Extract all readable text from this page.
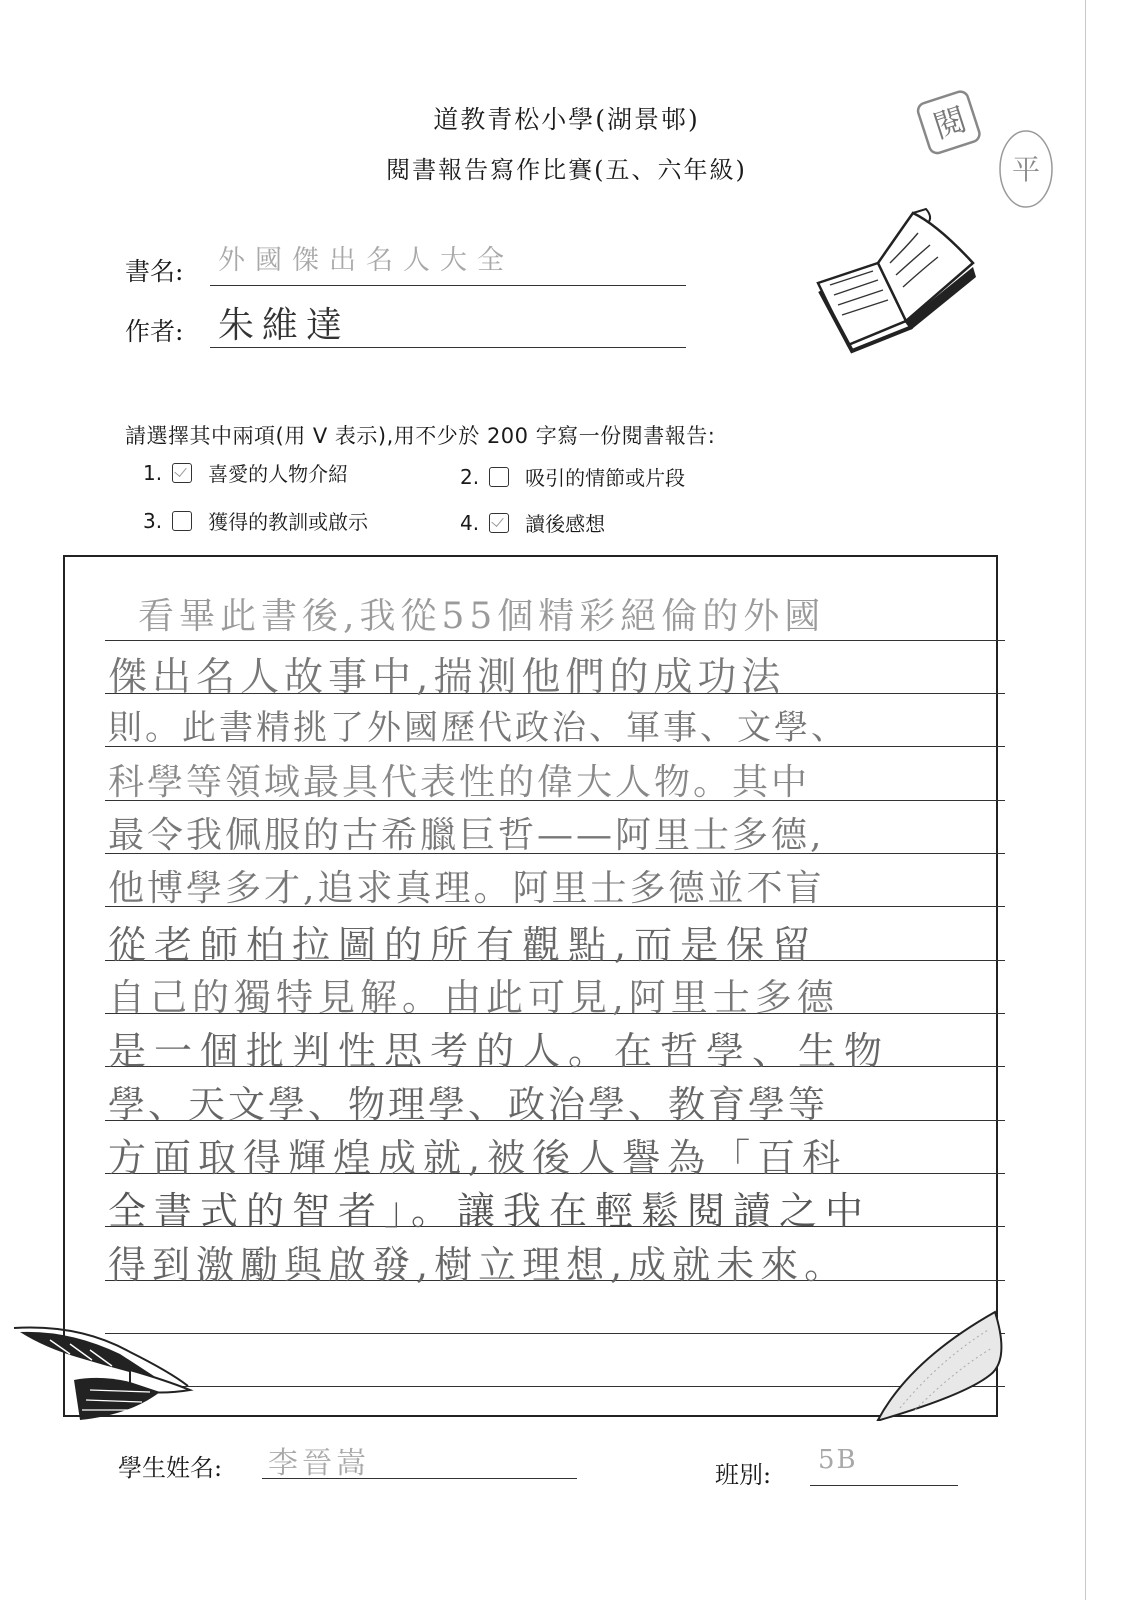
道教青松小學(湖景邨)
閱書報告寫作比賽(五、六年級)
閱
平
書名: 外國傑出名人大全
作者: 朱維達
請選擇其中兩項(用 V 表示),用不少於 200 字寫一份閱書報告:
1. 喜愛的人物介紹	2. 吸引的情節或片段
3. 獲得的教訓或啟示	4. 讀後感想
看畢此書後,我從55個精彩絕倫的外國
傑出名人故事中,揣測他們的成功法
則。此書精挑了外國歷代政治、軍事、文學、
科學等領域最具代表性的偉大人物。其中
最令我佩服的古希臘巨哲——阿里士多德,
他博學多才,追求真理。阿里士多德並不盲
從老師柏拉圖的所有觀點,而是保留
自己的獨特見解。由此可見,阿里士多德
是一個批判性思考的人。在哲學、生物
學、天文學、物理學、政治學、教育學等
方面取得輝煌成就,被後人譽為「百科
全書式的智者」。讓我在輕鬆閱讀之中
得到激勵與啟發,樹立理想,成就未來。
學生姓名: 李晉嵩	班別: 5B
